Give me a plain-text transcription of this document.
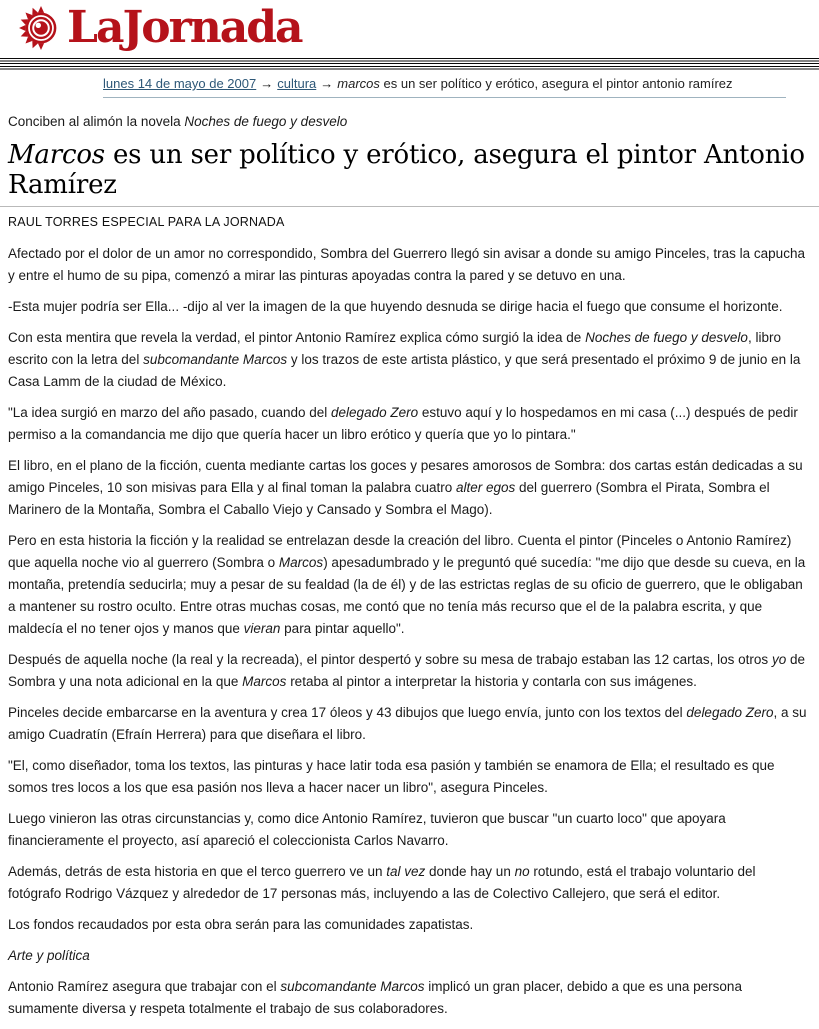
LaJornada
lunes 14 de mayo de 2007 → cultura → marcos es un ser político y erótico, asegura el pintor antonio ramírez

Conciben al alimón la novela Noches de fuego y desvelo

Marcos es un ser político y erótico, asegura el pintor Antonio Ramírez

RAUL TORRES ESPECIAL PARA LA JORNADA

Afectado por el dolor de un amor no correspondido, Sombra del Guerrero llegó sin avisar a donde su amigo Pinceles, tras la capucha y entre el humo de su pipa, comenzó a mirar las pinturas apoyadas contra la pared y se detuvo en una.

-Esta mujer podría ser Ella... -dijo al ver la imagen de la que huyendo desnuda se dirige hacia el fuego que consume el horizonte.

Con esta mentira que revela la verdad, el pintor Antonio Ramírez explica cómo surgió la idea de Noches de fuego y desvelo, libro escrito con la letra del subcomandante Marcos y los trazos de este artista plástico, y que será presentado el próximo 9 de junio en la Casa Lamm de la ciudad de México.

"La idea surgió en marzo del año pasado, cuando del delegado Zero estuvo aquí y lo hospedamos en mi casa (...) después de pedir permiso a la comandancia me dijo que quería hacer un libro erótico y quería que yo lo pintara."

El libro, en el plano de la ficción, cuenta mediante cartas los goces y pesares amorosos de Sombra: dos cartas están dedicadas a su amigo Pinceles, 10 son misivas para Ella y al final toman la palabra cuatro alter egos del guerrero (Sombra el Pirata, Sombra el Marinero de la Montaña, Sombra el Caballo Viejo y Cansado y Sombra el Mago).

Pero en esta historia la ficción y la realidad se entrelazan desde la creación del libro. Cuenta el pintor (Pinceles o Antonio Ramírez) que aquella noche vio al guerrero (Sombra o Marcos) apesadumbrado y le preguntó qué sucedía: "me dijo que desde su cueva, en la montaña, pretendía seducirla; muy a pesar de su fealdad (la de él) y de las estrictas reglas de su oficio de guerrero, que le obligaban a mantener su rostro oculto. Entre otras muchas cosas, me contó que no tenía más recurso que el de la palabra escrita, y que maldecía el no tener ojos y manos que vieran para pintar aquello".

Después de aquella noche (la real y la recreada), el pintor despertó y sobre su mesa de trabajo estaban las 12 cartas, los otros yo de Sombra y una nota adicional en la que Marcos retaba al pintor a interpretar la historia y contarla con sus imágenes.

Pinceles decide embarcarse en la aventura y crea 17 óleos y 43 dibujos que luego envía, junto con los textos del delegado Zero, a su amigo Cuadratín (Efraín Herrera) para que diseñara el libro.

"El, como diseñador, toma los textos, las pinturas y hace latir toda esa pasión y también se enamora de Ella; el resultado es que somos tres locos a los que esa pasión nos lleva a hacer nacer un libro", asegura Pinceles.

Luego vinieron las otras circunstancias y, como dice Antonio Ramírez, tuvieron que buscar "un cuarto loco" que apoyara financieramente el proyecto, así apareció el coleccionista Carlos Navarro.

Además, detrás de esta historia en que el terco guerrero ve un tal vez donde hay un no rotundo, está el trabajo voluntario del fotógrafo Rodrigo Vázquez y alrededor de 17 personas más, incluyendo a las de Colectivo Callejero, que será el editor.

Los fondos recaudados por esta obra serán para las comunidades zapatistas.

Arte y política

Antonio Ramírez asegura que trabajar con el subcomandante Marcos implicó un gran placer, debido a que es una persona sumamente diversa y respeta totalmente el trabajo de sus colaboradores.
